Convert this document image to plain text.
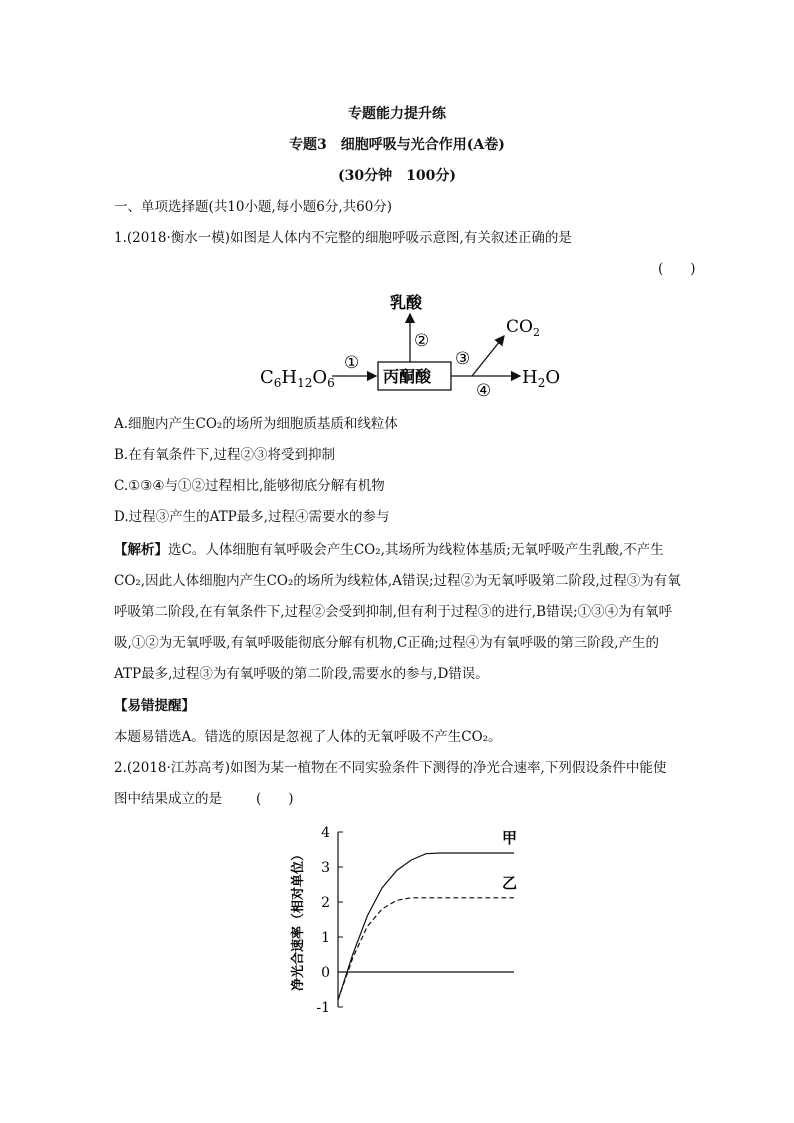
专题能力提升练
专题3　细胞呼吸与光合作用(A卷)
(30分钟　100分)
一、单项选择题(共10小题,每小题6分,共60分)
1.(2018·衡水一模)如图是人体内不完整的细胞呼吸示意图,有关叙述正确的是
(　　)
$C_6H_{12}O_6$
①
丙酮酸
②
乳酸
④
$H_2O$
③
$CO_2$
A.细胞内产生CO₂的场所为细胞质基质和线粒体
B.在有氧条件下,过程②③将受到抑制
C.①③④与①②过程相比,能够彻底分解有机物
D.过程③产生的ATP最多,过程④需要水的参与
【解析】选C。人体细胞有氧呼吸会产生CO₂,其场所为线粒体基质;无氧呼吸产生乳酸,不产生
CO₂,因此人体细胞内产生CO₂的场所为线粒体,A错误;过程②为无氧呼吸第二阶段,过程③为有氧
呼吸第二阶段,在有氧条件下,过程②会受到抑制,但有利于过程③的进行,B错误;①③④为有氧呼
吸,①②为无氧呼吸,有氧呼吸能彻底分解有机物,C正确;过程④为有氧呼吸的第三阶段,产生的
ATP最多,过程③为有氧呼吸的第二阶段,需要水的参与,D错误。
【易错提醒】
本题易错选A。错选的原因是忽视了人体的无氧呼吸不产生CO₂。
2.(2018·江苏高考)如图为某一植物在不同实验条件下测得的净光合速率,下列假设条件中能使
图中结果成立的是	(　　)
4
3
2
1
0
-1
净光合速率（相对单位）
甲
乙
